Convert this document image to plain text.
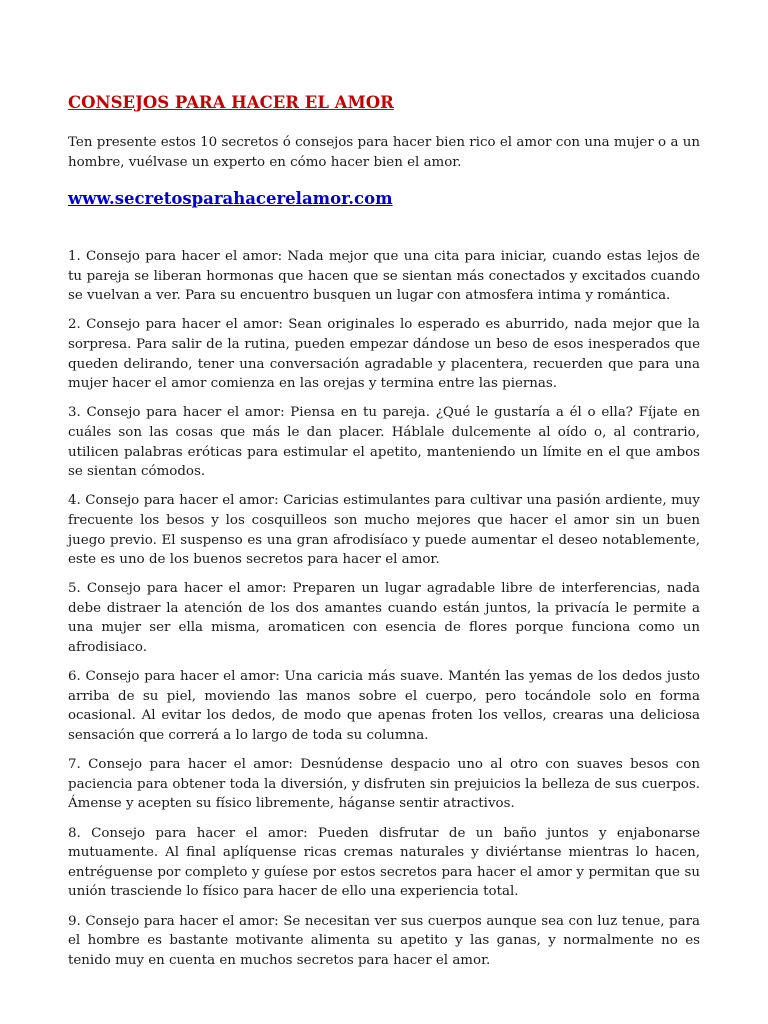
CONSEJOS PARA HACER EL AMOR

Ten presente estos 10 secretos ó consejos para hacer bien rico el amor con una mujer o a un hombre, vuélvase un experto en cómo hacer bien el amor.

www.secretosparahacerelamor.com

1. Consejo para hacer el amor: Nada mejor que una cita para iniciar, cuando estas lejos de tu pareja se liberan hormonas que hacen que se sientan más conectados y excitados cuando se vuelvan a ver. Para su encuentro busquen un lugar con atmosfera intima y romántica.

2. Consejo para hacer el amor: Sean originales lo esperado es aburrido, nada mejor que la sorpresa. Para salir de la rutina, pueden empezar dándose un beso de esos inesperados que queden delirando, tener una conversación agradable y placentera, recuerden que para una mujer hacer el amor comienza en las orejas y termina entre las piernas.

3. Consejo para hacer el amor: Piensa en tu pareja. ¿Qué le gustaría a él o ella? Fíjate en cuáles son las cosas que más le dan placer. Háblale dulcemente al oído o, al contrario, utilicen palabras eróticas para estimular el apetito, manteniendo un límite en el que ambos se sientan cómodos.

4. Consejo para hacer el amor: Caricias estimulantes para cultivar una pasión ardiente, muy frecuente los besos y los cosquilleos son mucho mejores que hacer el amor sin un buen juego previo. El suspenso es una gran afrodisíaco y puede aumentar el deseo notablemente, este es uno de los buenos secretos para hacer el amor.

5. Consejo para hacer el amor: Preparen un lugar agradable libre de interferencias, nada debe distraer la atención de los dos amantes cuando están juntos, la privacía le permite a una mujer ser ella misma, aromaticen con esencia de flores porque funciona como un afrodisiaco.

6. Consejo para hacer el amor: Una caricia más suave. Mantén las yemas de los dedos justo arriba de su piel, moviendo las manos sobre el cuerpo, pero tocándole solo en forma ocasional. Al evitar los dedos, de modo que apenas froten los vellos, crearas una deliciosa sensación que correrá a lo largo de toda su columna.

7. Consejo para hacer el amor: Desnúdense despacio uno al otro con suaves besos con paciencia para obtener toda la diversión, y disfruten sin prejuicios la belleza de sus cuerpos. Ámense y acepten su físico libremente, háganse sentir atractivos.

8. Consejo para hacer el amor: Pueden disfrutar de un baño juntos y enjabonarse mutuamente. Al final aplíquense ricas cremas naturales y diviértanse mientras lo hacen, entréguense por completo y guíese por estos secretos para hacer el amor y permitan que su unión trasciende lo físico para hacer de ello una experiencia total.

9. Consejo para hacer el amor: Se necesitan ver sus cuerpos aunque sea con luz tenue, para el hombre es bastante motivante alimenta su apetito y las ganas, y normalmente no es tenido muy en cuenta en muchos secretos para hacer el amor.
